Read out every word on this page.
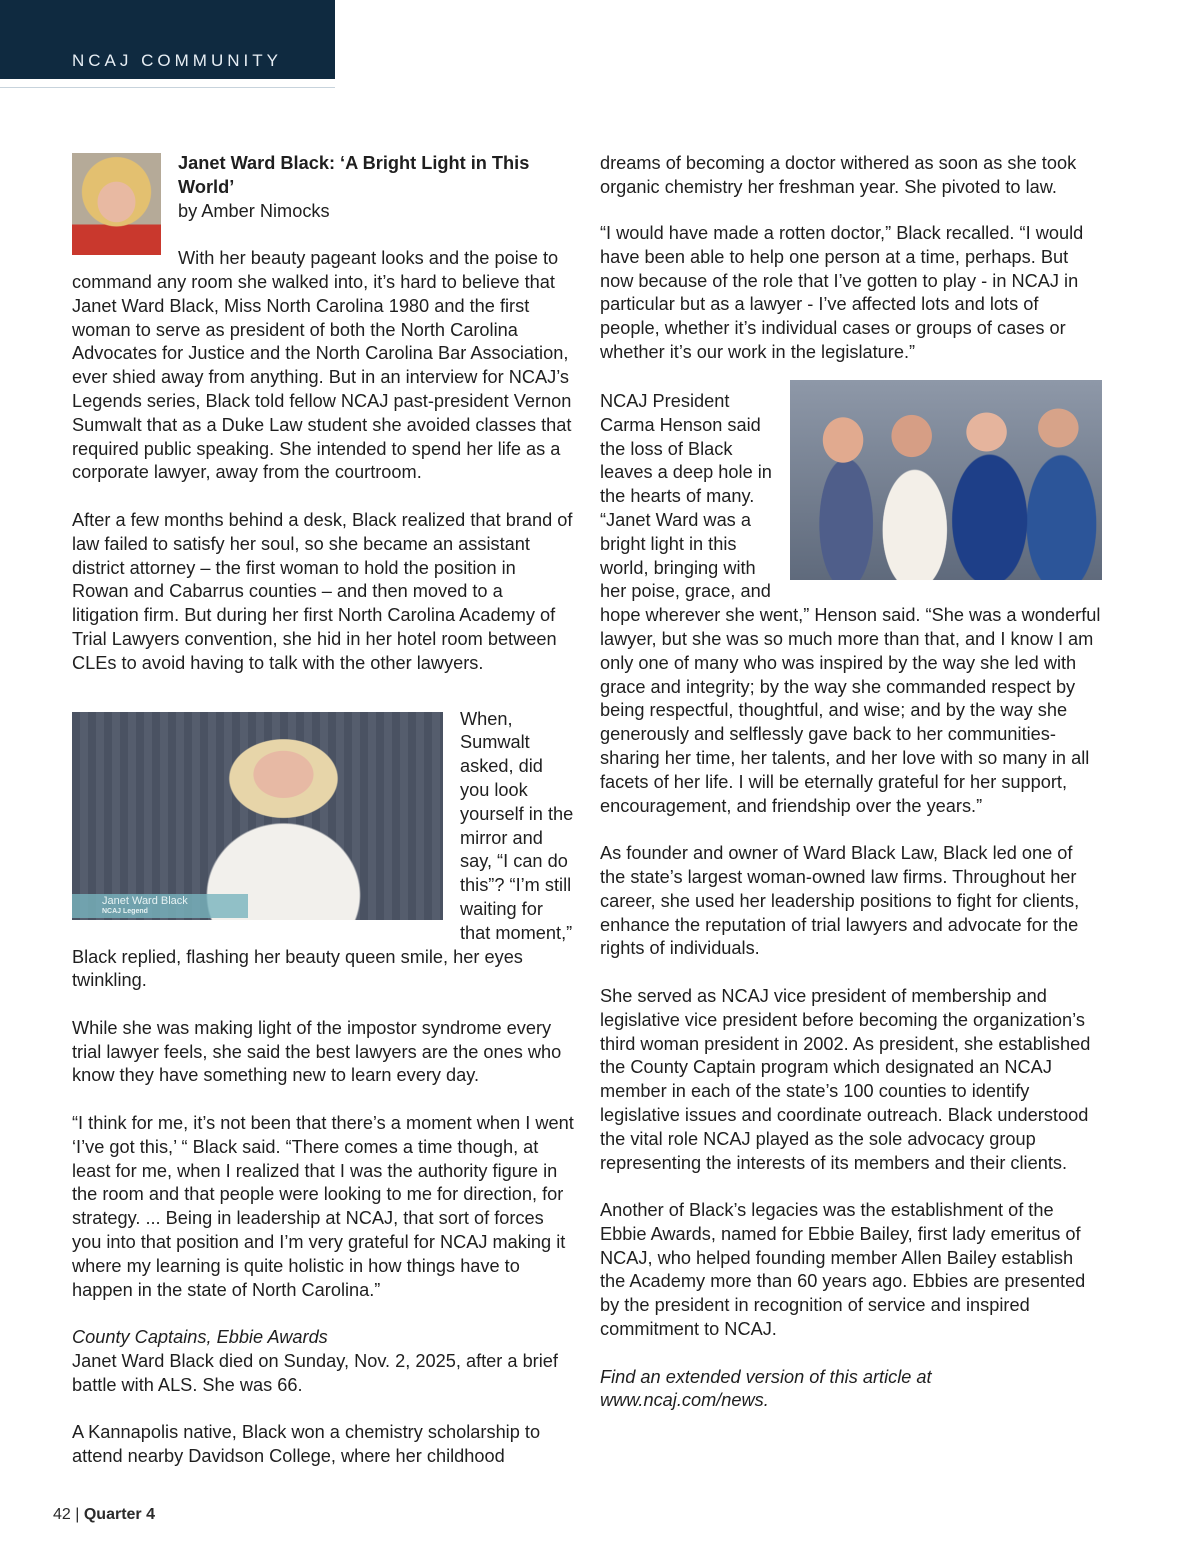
NCAJ COMMUNITY

Janet Ward Black: ‘A Bright Light in This World’
by Amber Nimocks

With her beauty pageant looks and the poise to command any room she walked into, it’s hard to believe that Janet Ward Black, Miss North Carolina 1980 and the first woman to serve as president of both the North Carolina Advocates for Justice and the North Carolina Bar Association, ever shied away from anything. But in an interview for NCAJ’s Legends series, Black told fellow NCAJ past-president Vernon Sumwalt that as a Duke Law student she avoided classes that required public speaking. She intended to spend her life as a corporate lawyer, away from the courtroom.

After a few months behind a desk, Black realized that brand of law failed to satisfy her soul, so she became an assistant district attorney – the first woman to hold the position in Rowan and Cabarrus counties – and then moved to a litigation firm. But during her first North Carolina Academy of Trial Lawyers convention, she hid in her hotel room between CLEs to avoid having to talk with the other lawyers.

Janet Ward Black
NCAJ Legend

When, Sumwalt asked, did you look yourself in the mirror and say, “I can do this”? “I’m still waiting for that moment,” Black replied, flashing her beauty queen smile, her eyes twinkling.

While she was making light of the impostor syndrome every trial lawyer feels, she said the best lawyers are the ones who know they have something new to learn every day.

“I think for me, it’s not been that there’s a moment when I went ‘I’ve got this,’ “ Black said. “There comes a time though, at least for me, when I realized that I was the authority figure in the room and that people were looking to me for direction, for strategy. ... Being in leadership at NCAJ, that sort of forces you into that position and I’m very grateful for NCAJ making it where my learning is quite holistic in how things have to happen in the state of North Carolina.”

County Captains, Ebbie Awards
Janet Ward Black died on Sunday, Nov. 2, 2025, after a brief battle with ALS. She was 66.

A Kannapolis native, Black won a chemistry scholarship to attend nearby Davidson College, where her childhood

NCAJ President Carma Henson said the loss of Black leaves a deep hole in the hearts of many. “Janet Ward was a bright light in this world, bringing with her poise, grace, and hope wherever she went,” Henson said. “She was a wonderful lawyer, but she was so much more than that, and I know I am only one of many who was inspired by the way she led with grace and integrity; by the way she commanded respect by being respectful, thoughtful, and wise; and by the way she generously and selflessly gave back to her communities- sharing her time, her talents, and her love with so many in all facets of her life. I will be eternally grateful for her support, encouragement, and friendship over the years.”

As founder and owner of Ward Black Law, Black led one of the state’s largest woman-owned law firms. Throughout her career, she used her leadership positions to fight for clients, enhance the reputation of trial lawyers and advocate for the rights of individuals.

She served as NCAJ vice president of membership and legislative vice president before becoming the organization’s third woman president in 2002. As president, she established the County Captain program which designated an NCAJ member in each of the state’s 100 counties to identify legislative issues and coordinate outreach. Black understood the vital role NCAJ played as the sole advocacy group representing the interests of its members and their clients.

Another of Black’s legacies was the establishment of the Ebbie Awards, named for Ebbie Bailey, first lady emeritus of NCAJ, who helped founding member Allen Bailey establish the Academy more than 60 years ago. Ebbies are presented by the president in recognition of service and inspired commitment to NCAJ.

Find an extended version of this article at www.ncaj.com/news.

“I would have made a rotten doctor,” Black recalled. “I would have been able to help one person at a time, perhaps. But now because of the role that I’ve gotten to play - in NCAJ in particular but as a lawyer - I’ve affected lots and lots of people, whether it’s individual cases or groups of cases or whether it’s our work in the legislature.”

42 | Quarter 4

dreams of becoming a doctor withered as soon as she took organic chemistry her freshman year. She pivoted to law.
